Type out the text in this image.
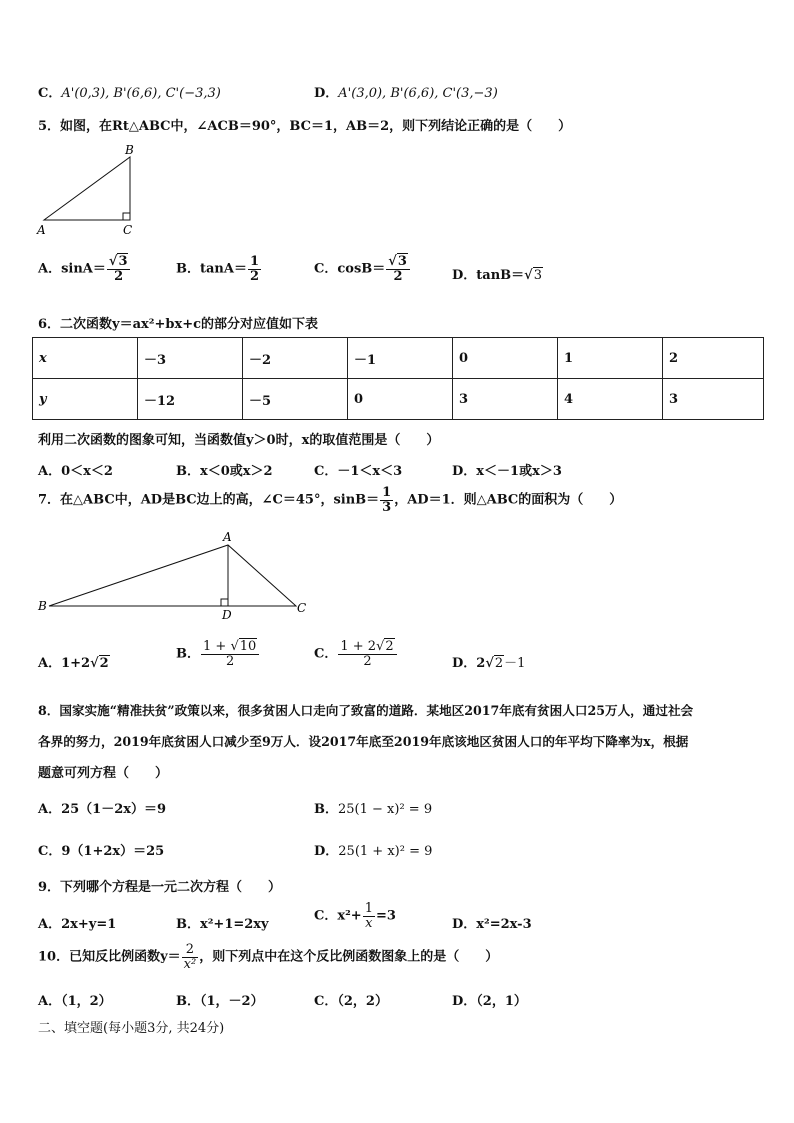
C．A'(0,3), B'(6,6), C'(−3,3)	D．A'(3,0), B'(6,6), C'(3,−3)
5．如图，在Rt△ABC中，∠ACB＝90°，BC＝1，AB＝2，则下列结论正确的是（　　）
B
A	C
A．$\sin A= \frac{√3}{2}$	B．$\tan A= \frac{1}{2}$	C．$\cos B= \frac{√3}{2}$	D．tanB＝√3
6．二次函数y＝ax²+bx+c的部分对应值如下表
x	－3	－2	－1	0	1	2
y	－12	－5	0	3	4	3
利用二次函数的图象可知，当函数值y＞0时，x的取值范围是（　　）
A．0＜x＜2	B．x＜0或x＞2	C．－1＜x＜3	D．x＜－1或x＞3
7．在△ABC中，AD是BC边上的高，∠C＝45°，$\sin B= \frac{1}{3}$ ，AD＝1．则△ABC的面积为（　　）
A
B	C
D
A．1+2√2
B． $\frac{1 + √10}{2}$	C． $\frac{1 + 2√2}{2}$	D．2√2－1
8．国家实施“精准扶贫”政策以来，很多贫困人口走向了致富的道路．某地区2017年底有贫困人口25万人，通过社会
各界的努力，2019年底贫困人口减少至9万人．设2017年底至2019年底该地区贫困人口的年平均下降率为x，根据
题意可列方程（　　）
A．25（1－2x）＝9	B．25(1 − x)² = 9
C．9（1+2x）＝25	D．25(1 + x)² = 9
9．下列哪个方程是一元二次方程（　　）
A．2x+y=1	B．x²+1=2xy
C．$x^2+ \frac{1}{x} =3$
D．x²=2x-3
10．已知反比例函数$y= \frac{2}{\text{x²}}$ ，则下列点中在这个反比例函数图象上的是（　　）
A．（1，2）	B．（1，－2）	C．（2，2）	D．（2，1）
二、填空题(每小题3分, 共24分)
